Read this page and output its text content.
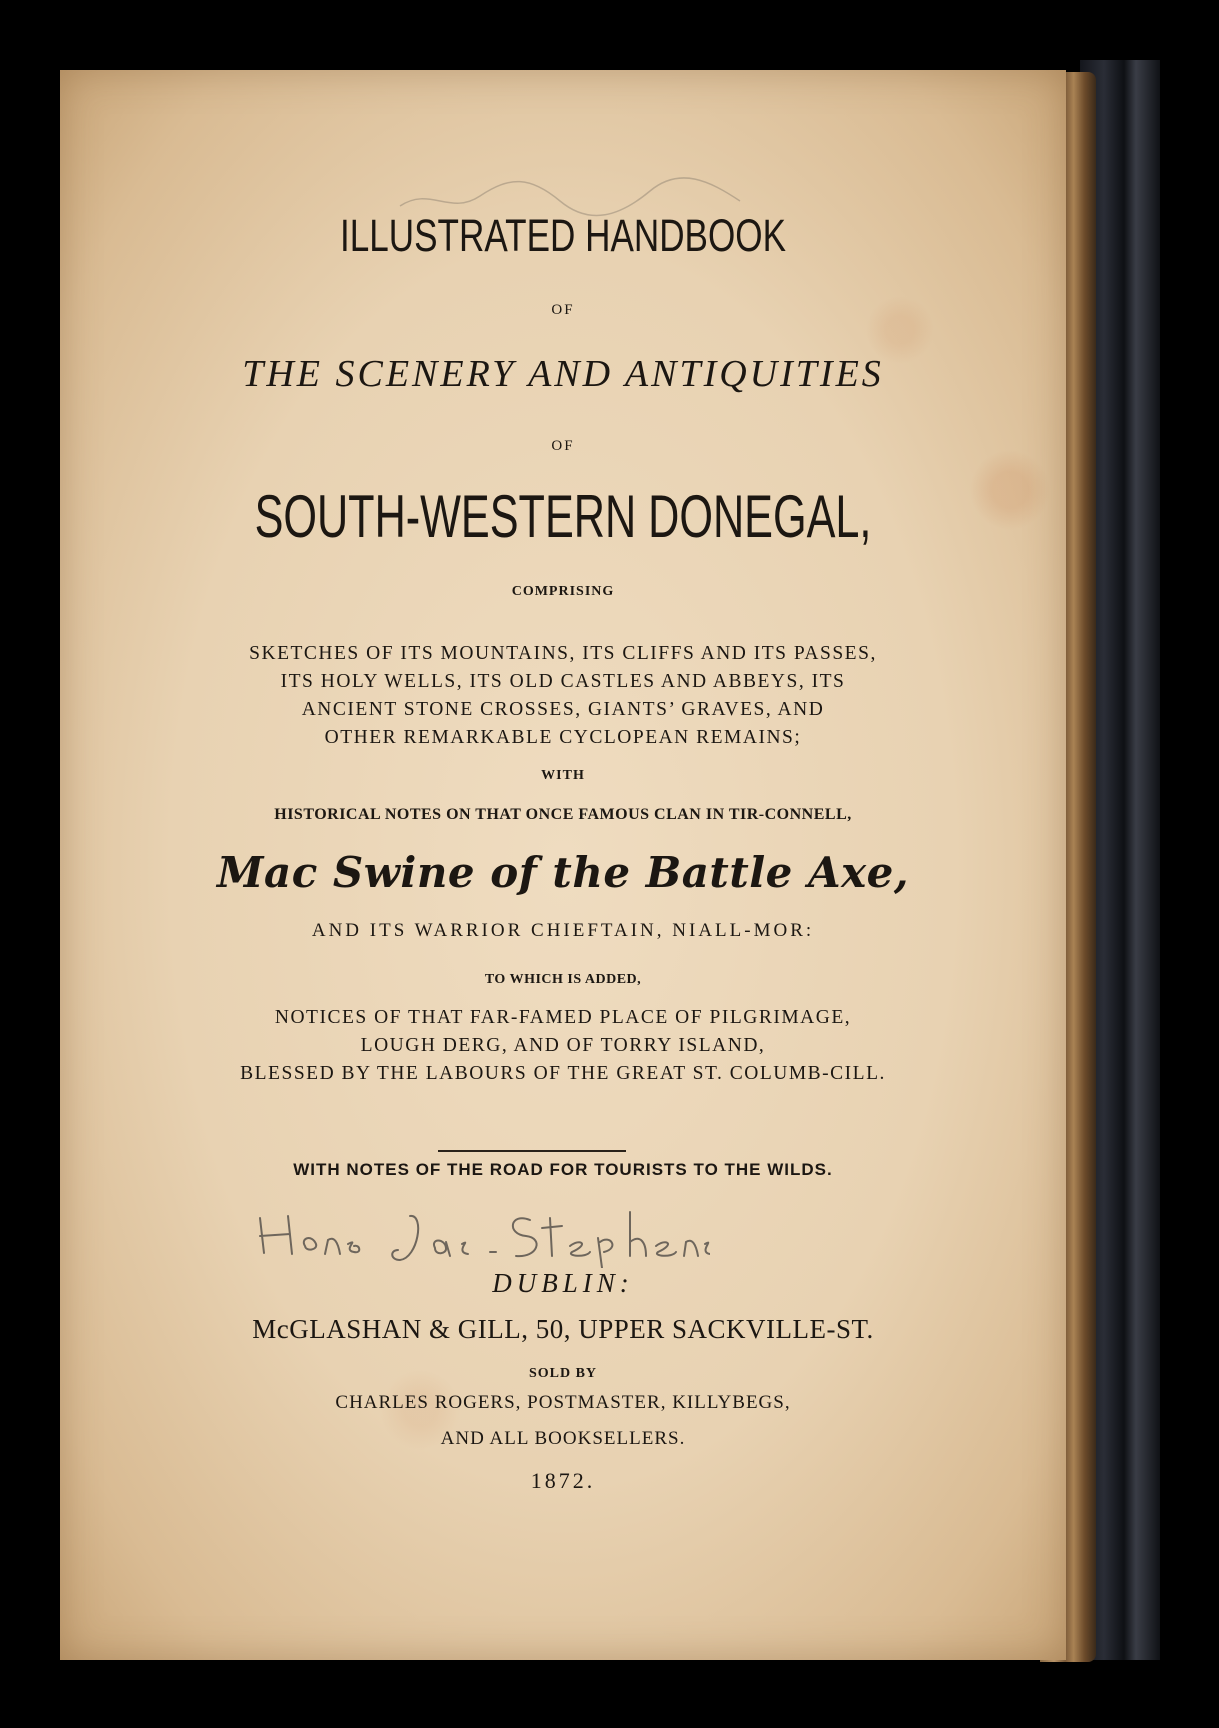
ILLUSTRATED HANDBOOK
OF
THE SCENERY AND ANTIQUITIES
OF
SOUTH-WESTERN DONEGAL,
COMPRISING
SKETCHES OF ITS MOUNTAINS, ITS CLIFFS AND ITS PASSES,
ITS HOLY WELLS, ITS OLD CASTLES AND ABBEYS, ITS
ANCIENT STONE CROSSES, GIANTS’ GRAVES, AND
OTHER REMARKABLE CYCLOPEAN REMAINS;
WITH
HISTORICAL NOTES ON THAT ONCE FAMOUS CLAN IN TIR-CONNELL,
Mac Swine of the Battle Axe,
AND ITS WARRIOR CHIEFTAIN, NIALL-MOR:
TO WHICH IS ADDED,
NOTICES OF THAT FAR-FAMED PLACE OF PILGRIMAGE,
LOUGH DERG, AND OF TORRY ISLAND,
BLESSED BY THE LABOURS OF THE GREAT ST. COLUMB-CILL.
WITH NOTES OF THE ROAD FOR TOURISTS TO THE WILDS.
DUBLIN:
McGLASHAN & GILL, 50, UPPER SACKVILLE-ST.
SOLD BY
CHARLES ROGERS, POSTMASTER, KILLYBEGS,
AND ALL BOOKSELLERS.
1872.
